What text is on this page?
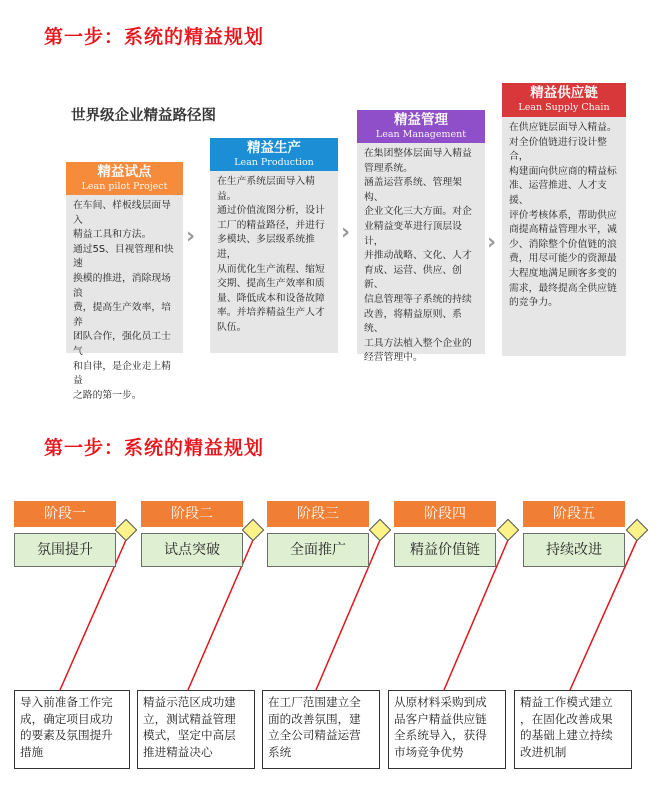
第一步：系统的精益规划
世界级企业精益路径图
精益试点
Lean pilot Project
在车间、样板线层面导入
精益工具和方法。
通过5S、目视管理和快速
换模的推进，消除现场浪
费，提高生产效率，培养
团队合作，强化员工士气
和自律，是企业走上精益
之路的第一步。
›
精益生产
Lean Production
在生产系统层面导入精益。
通过价值流图分析，设计
工厂的精益路径，并进行
多模块、多层级系统推进，
从而优化生产流程、缩短
交期、提高生产效率和质
量、降低成本和设备故障
率。并培养精益生产人才
队伍。
›
精益管理
Lean Management
在集团整体层面导入精益
管理系统。
涵盖运营系统、管理架构、
企业文化三大方面。对企
业精益变革进行顶层设计，
并推动战略、文化、人才
育成、运营、供应、创新、
信息管理等子系统的持续
改善，将精益原则、系统、
工具方法植入整个企业的
经营管理中。
›
精益供应链
Lean Supply Chain
在供应链层面导入精益。
对全价值链进行设计整合，
构建面向供应商的精益标
准、运营推进、人才支援、
评价考核体系，帮助供应
商提高精益管理水平，减
少、消除整个价值链的浪
费，用尽可能少的资源最
大程度地满足顾客多变的
需求，最终提高全供应链
的竞争力。
第一步：系统的精益规划
阶段一
氛围提升
导入前准备工作完
成，确定项目成功
的要素及氛围提升
措施
阶段二
试点突破
精益示范区成功建
立，测试精益管理
模式，坚定中高层
推进精益决心
阶段三
全面推广
在工厂范围建立全
面的改善氛围，建
立全公司精益运营
系统
阶段四
精益价值链
从原材料采购到成
品客户精益供应链
全系统导入，获得
市场竞争优势
阶段五
持续改进
精益工作模式建立
，在固化改善成果
的基础上建立持续
改进机制
